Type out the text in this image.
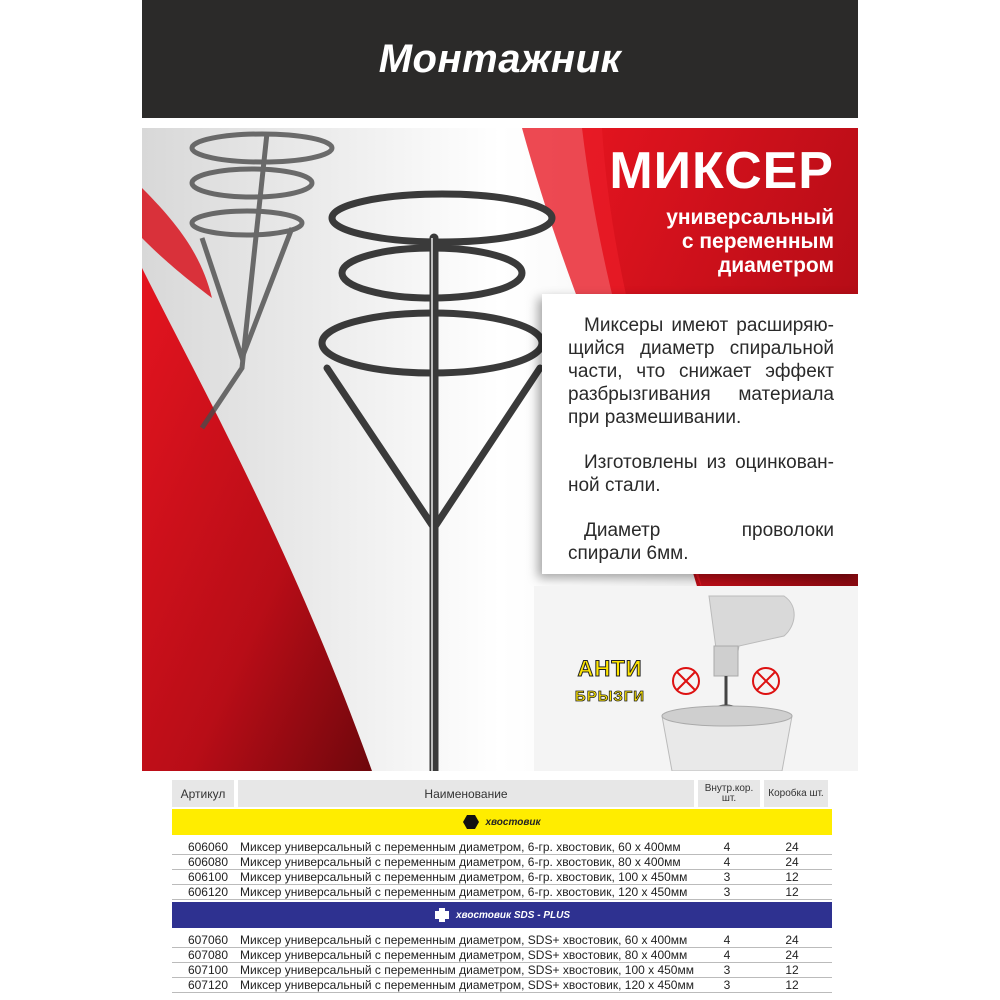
Монтажник
МИКСЕР
универсальный
с переменным
диаметром

Миксеры имеют расширяю-щийся диаметр спиральной части, что снижает эффект разбрызгивания материала при размешивании.

Изготовлены из оцинкован-ной стали.

Диаметр проволоки спирали 6мм.

АНТИ
БРЫЗГИ
Артикул	Наименование	Внутр.кор. шт.	Коробка шт.
хвостовик
606060	Миксер универсальный с переменным диаметром, 6-гр. хвостовик, 60 х 400мм	4	24
606080	Миксер универсальный с переменным диаметром, 6-гр. хвостовик, 80 х 400мм	4	24
606100	Миксер универсальный с переменным диаметром, 6-гр. хвостовик, 100 х 450мм	3	12
606120	Миксер универсальный с переменным диаметром, 6-гр. хвостовик, 120 х 450мм	3	12
хвостовик SDS - PLUS
607060	Миксер универсальный с переменным диаметром, SDS+ хвостовик, 60 х 400мм	4	24
607080	Миксер универсальный с переменным диаметром, SDS+ хвостовик, 80 х 400мм	4	24
607100	Миксер универсальный с переменным диаметром, SDS+ хвостовик, 100 х 450мм	3	12
607120	Миксер универсальный с переменным диаметром, SDS+ хвостовик, 120 х 450мм	3	12
